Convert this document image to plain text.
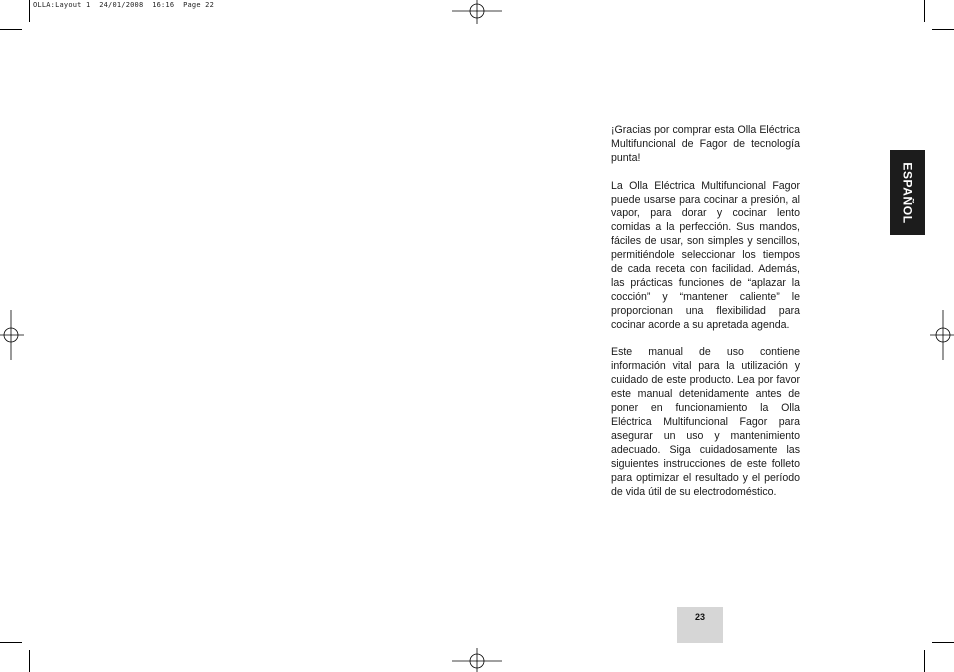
OLLA:Layout 1  24/01/2008  16:16  Page 22

¡Gracias por comprar esta Olla Eléctrica Multifuncional de Fagor de tecnología punta!

La Olla Eléctrica Multifuncional Fagor puede usarse para cocinar a presión, al vapor, para dorar y cocinar lento comidas a la perfección. Sus mandos, fáciles de usar, son simples y sencillos, permitiéndole seleccionar los tiempos de cada receta con facilidad. Además, las prácticas funciones de “aplazar la cocción” y “mantener caliente” le proporcionan una flexibilidad para cocinar acorde a su apretada agenda.

Este manual de uso contiene información vital para la utilización y cuidado de este producto. Lea por favor este manual detenidamente antes de poner en funcionamiento la Olla Eléctrica Multifuncional Fagor para asegurar un uso y mantenimiento adecuado. Siga cuidadosamente las siguientes instrucciones de este folleto para optimizar el resultado y el período de vida útil de su electrodoméstico.

ESPAÑOL
23
